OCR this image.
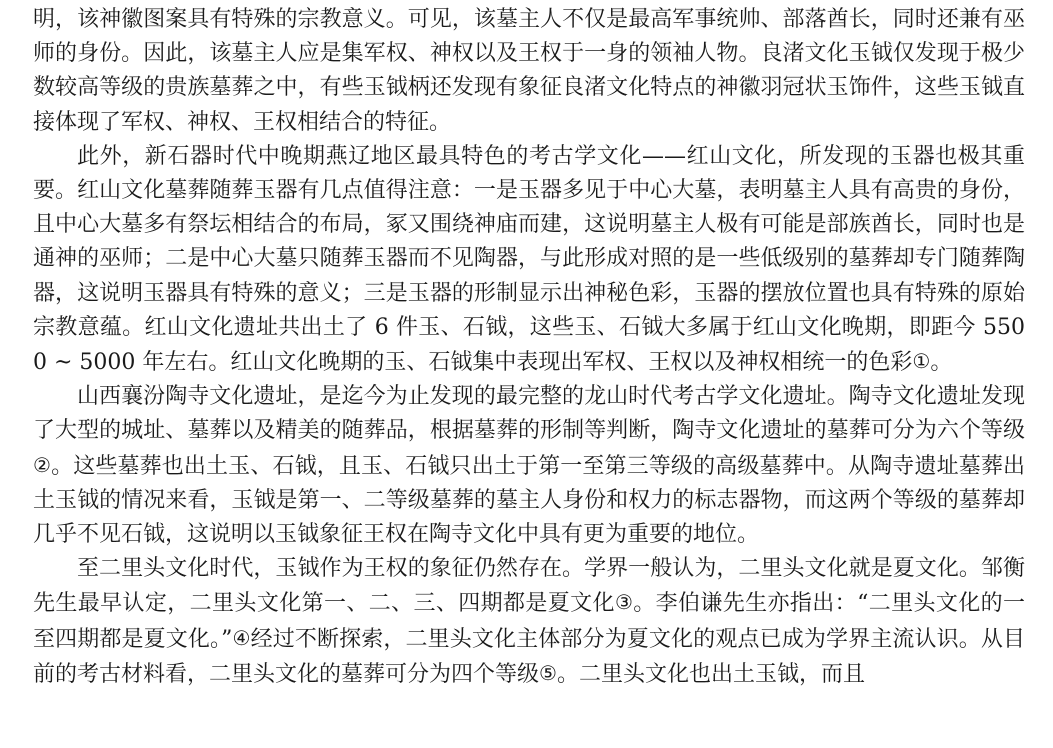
明，该神徽图案具有特殊的宗教意义。可见，该墓主人不仅是最高军事统帅、部落酋长，同时还兼有巫师的身份。因此，该墓主人应是集军权、神权以及王权于一身的领袖人物。良渚文化玉钺仅发现于极少数较高等级的贵族墓葬之中，有些玉钺柄还发现有象征良渚文化特点的神徽羽冠状玉饰件，这些玉钺直接体现了军权、神权、王权相结合的特征。

此外，新石器时代中晚期燕辽地区最具特色的考古学文化——红山文化，所发现的玉器也极其重要。红山文化墓葬随葬玉器有几点值得注意：一是玉器多见于中心大墓，表明墓主人具有高贵的身份，且中心大墓多有祭坛相结合的布局，冢又围绕神庙而建，这说明墓主人极有可能是部族酋长，同时也是通神的巫师；二是中心大墓只随葬玉器而不见陶器，与此形成对照的是一些低级别的墓葬却专门随葬陶器，这说明玉器具有特殊的意义；三是玉器的形制显示出神秘色彩，玉器的摆放位置也具有特殊的原始宗教意蕴。红山文化遗址共出土了 6 件玉、石钺，这些玉、石钺大多属于红山文化晚期，即距今 5500 ~ 5000 年左右。红山文化晚期的玉、石钺集中表现出军权、王权以及神权相统一的色彩①。

山西襄汾陶寺文化遗址，是迄今为止发现的最完整的龙山时代考古学文化遗址。陶寺文化遗址发现了大型的城址、墓葬以及精美的随葬品，根据墓葬的形制等判断，陶寺文化遗址的墓葬可分为六个等级②。这些墓葬也出土玉、石钺，且玉、石钺只出土于第一至第三等级的高级墓葬中。从陶寺遗址墓葬出土玉钺的情况来看，玉钺是第一、二等级墓葬的墓主人身份和权力的标志器物，而这两个等级的墓葬却几乎不见石钺，这说明以玉钺象征王权在陶寺文化中具有更为重要的地位。

至二里头文化时代，玉钺作为王权的象征仍然存在。学界一般认为，二里头文化就是夏文化。邹衡先生最早认定，二里头文化第一、二、三、四期都是夏文化③。李伯谦先生亦指出：“二里头文化的一至四期都是夏文化。”④经过不断探索，二里头文化主体部分为夏文化的观点已成为学界主流认识。从目前的考古材料看，二里头文化的墓葬可分为四个等级⑤。二里头文化也出土玉钺，而且
